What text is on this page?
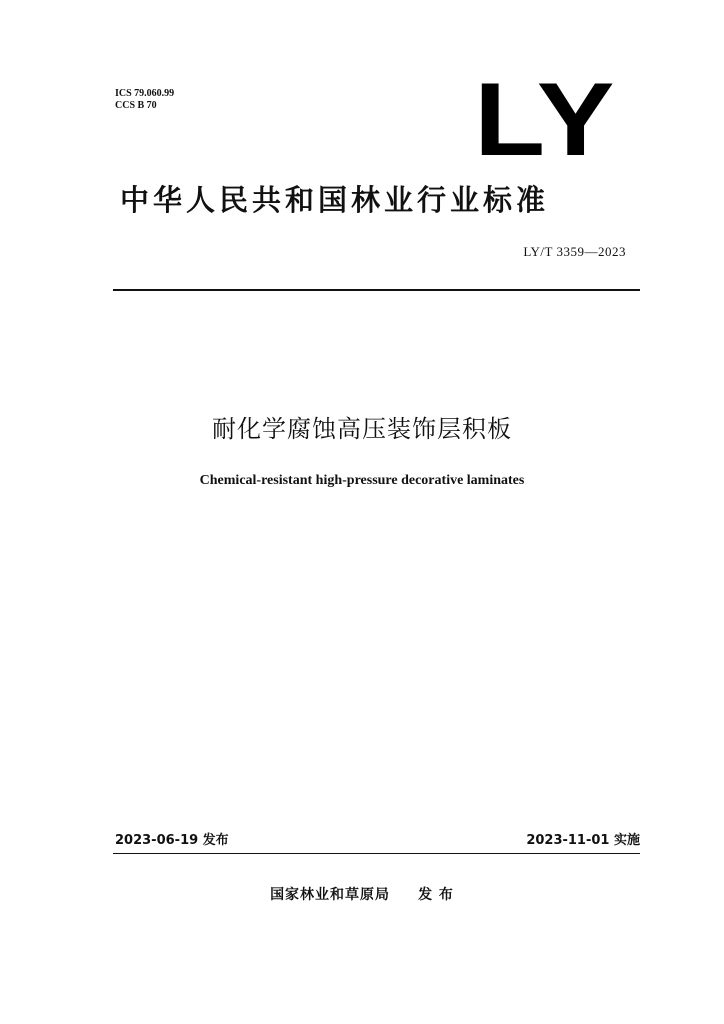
ICS 79.060.99
CCS B 70	LY
中华人民共和国林业行业标准
LY/T 3359—2023
耐化学腐蚀高压装饰层积板
Chemical-resistant high-pressure decorative laminates
2023-06-19 发布	2023-11-01 实施
国家林业和草原局 发 布
